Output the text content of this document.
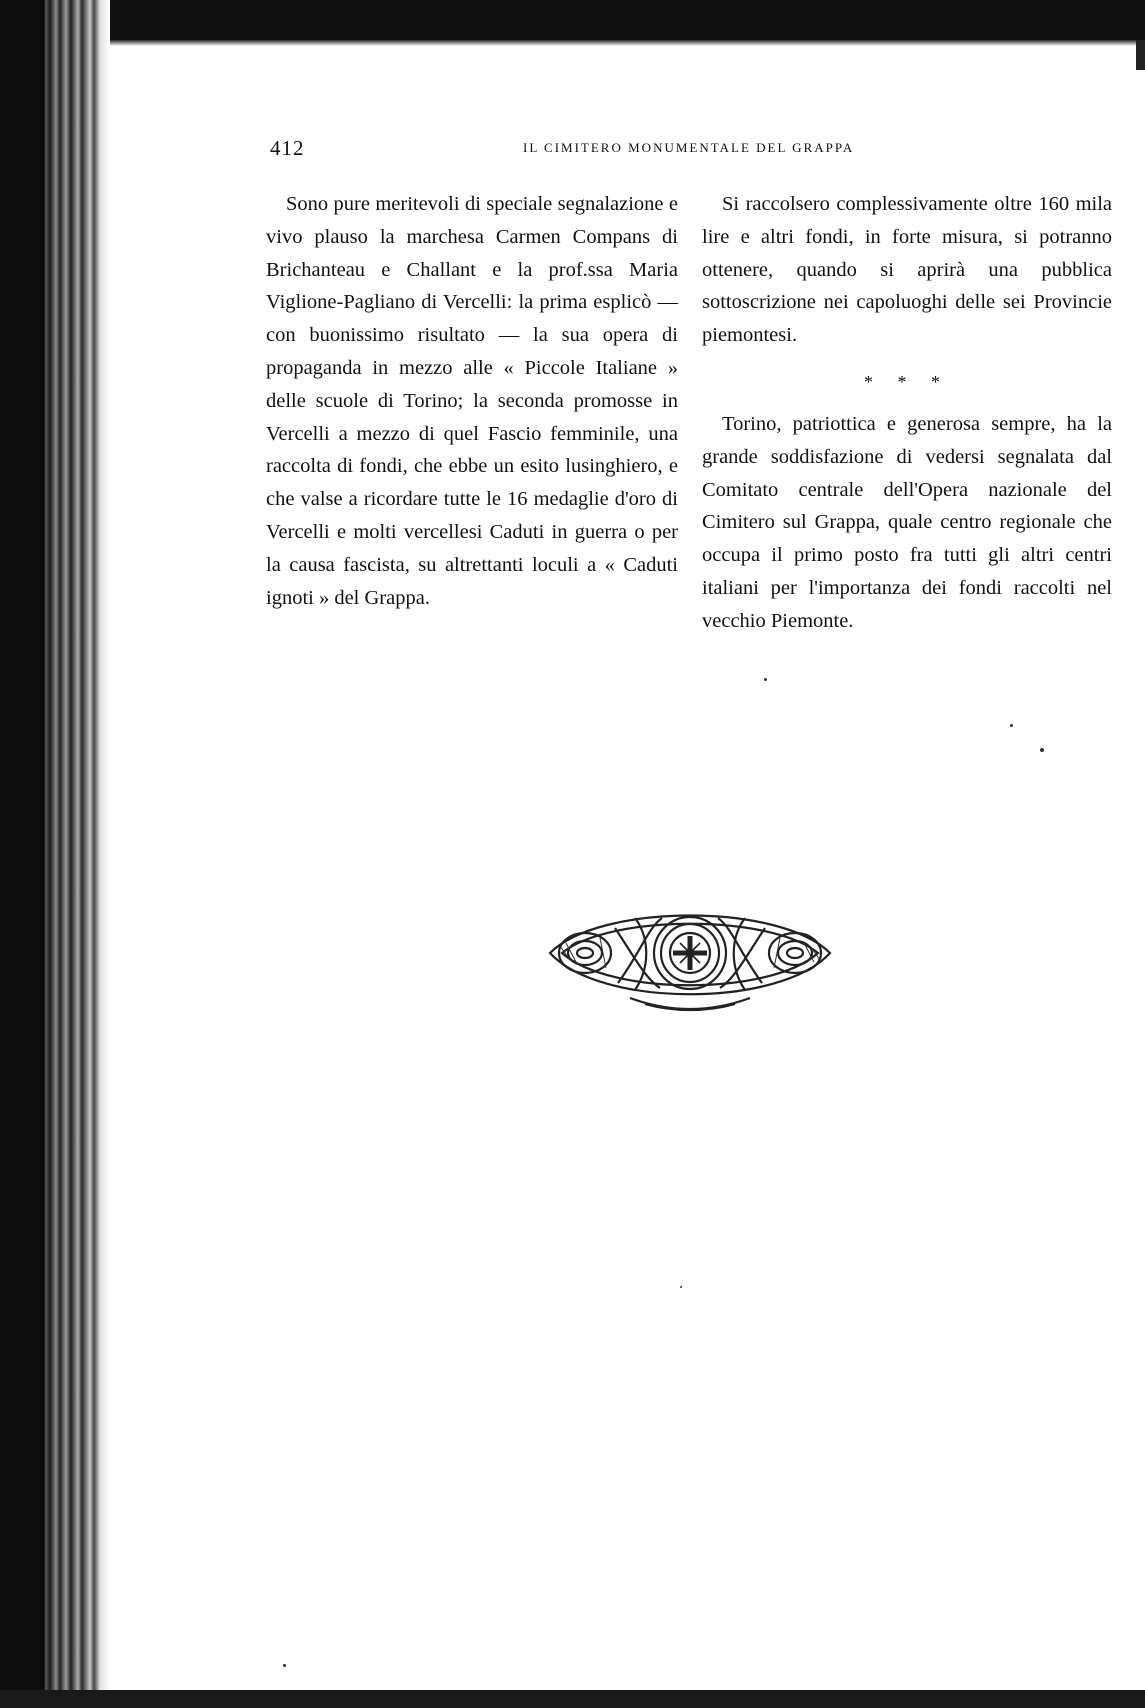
412	IL CIMITERO MONUMENTALE DEL GRAPPA

Sono pure meritevoli di speciale segnalazione e vivo plauso la marchesa Carmen Compans di Brichanteau e Challant e la prof.ssa Maria Viglione-Pagliano di Vercelli: la prima esplicò — con buonissimo risultato — la sua opera di propaganda in mezzo alle « Piccole Italiane » delle scuole di Torino; la seconda promosse in Vercelli a mezzo di quel Fascio femminile, una raccolta di fondi, che ebbe un esito lusinghiero, e che valse a ricordare tutte le 16 medaglie d'oro di Vercelli e molti vercellesi Caduti in guerra o per la causa fascista, su altrettanti loculi a « Caduti ignoti » del Grappa.

Si raccolsero complessivamente oltre 160 mila lire e altri fondi, in forte misura, si potranno ottenere, quando si aprirà una pubblica sottoscrizione nei capoluoghi delle sei Provincie piemontesi.

* * *

Torino, patriottica e generosa sempre, ha la grande soddisfazione di vedersi segnalata dal Comitato centrale dell'Opera nazionale del Cimitero sul Grappa, quale centro regionale che occupa il primo posto fra tutti gli altri centri italiani per l'importanza dei fondi raccolti nel vecchio Piemonte.
